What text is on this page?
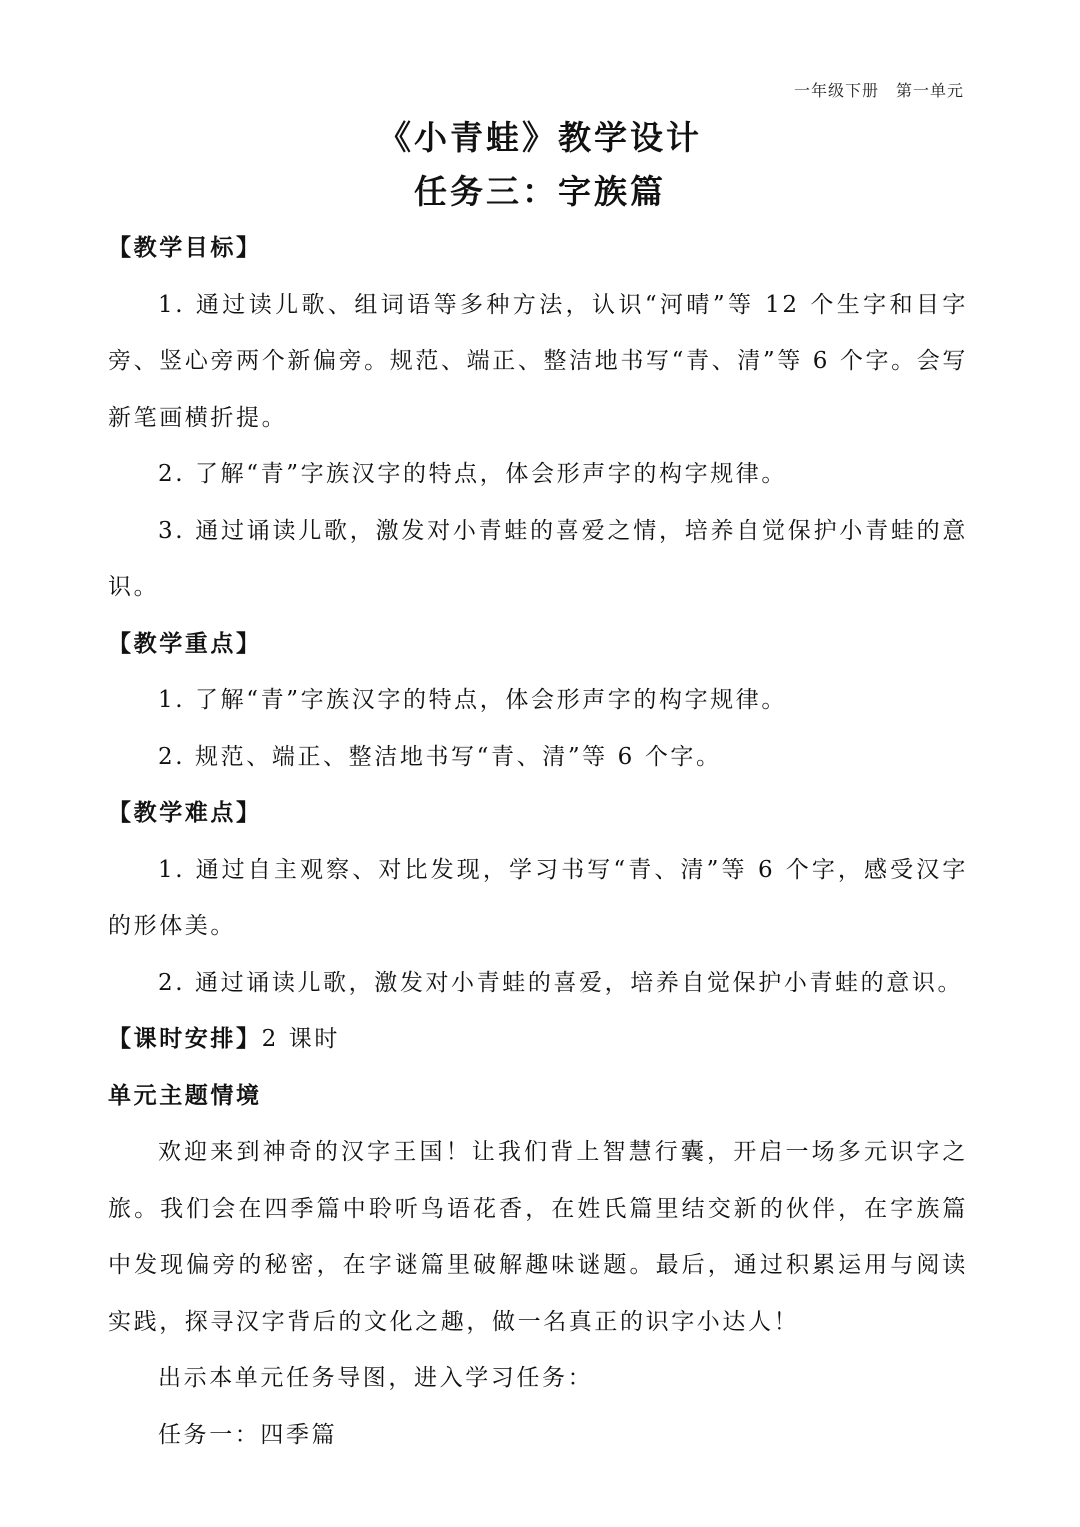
一年级下册　第一单元
《小青蛙》教学设计
任务三：字族篇

【教学目标】

1. 通过读儿歌、组词语等多种方法，认识“河晴”等 12 个生字和目字旁、竖心旁两个新偏旁。规范、端正、整洁地书写“青、清”等 6 个字。会写新笔画横折提。

2. 了解“青”字族汉字的特点，体会形声字的构字规律。

3. 通过诵读儿歌，激发对小青蛙的喜爱之情，培养自觉保护小青蛙的意识。

【教学重点】

1. 了解“青”字族汉字的特点，体会形声字的构字规律。

2. 规范、端正、整洁地书写“青、清”等 6 个字。

【教学难点】

1. 通过自主观察、对比发现，学习书写“青、清”等 6 个字，感受汉字的形体美。

2. 通过诵读儿歌，激发对小青蛙的喜爱，培养自觉保护小青蛙的意识。

【课时安排】2 课时

单元主题情境

欢迎来到神奇的汉字王国！让我们背上智慧行囊，开启一场多元识字之旅。我们会在四季篇中聆听鸟语花香，在姓氏篇里结交新的伙伴，在字族篇中发现偏旁的秘密，在字谜篇里破解趣味谜题。最后，通过积累运用与阅读实践，探寻汉字背后的文化之趣，做一名真正的识字小达人！

出示本单元任务导图，进入学习任务：

任务一：四季篇
